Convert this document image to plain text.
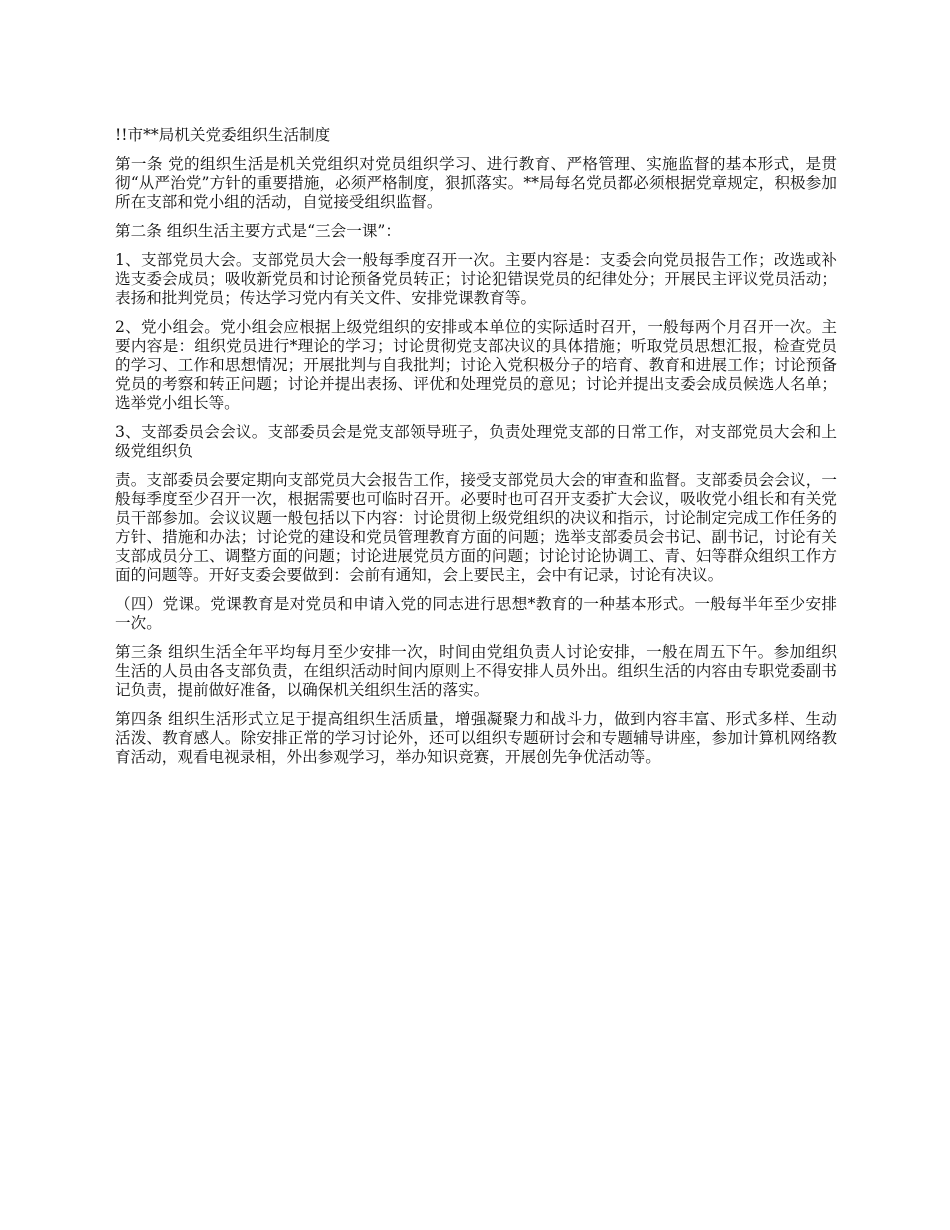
!!市**局机关党委组织生活制度

第一条 党的组织生活是机关党组织对党员组织学习、进行教育、严格管理、实施监督的基本形式，是贯彻“从严治党”方针的重要措施，必须严格制度，狠抓落实。**局每名党员都必须根据党章规定，积极参加所在支部和党小组的活动，自觉接受组织监督。

第二条 组织生活主要方式是“三会一课”：

1、支部党员大会。支部党员大会一般每季度召开一次。主要内容是：支委会向党员报告工作；改选或补选支委会成员；吸收新党员和讨论预备党员转正；讨论犯错误党员的纪律处分；开展民主评议党员活动；表扬和批判党员；传达学习党内有关文件、安排党课教育等。

2、党小组会。党小组会应根据上级党组织的安排或本单位的实际适时召开，一般每两个月召开一次。主要内容是：组织党员进行*理论的学习；讨论贯彻党支部决议的具体措施；听取党员思想汇报，检查党员的学习、工作和思想情况；开展批判与自我批判；讨论入党积极分子的培育、教育和进展工作；讨论预备党员的考察和转正问题；讨论并提出表扬、评优和处理党员的意见；讨论并提出支委会成员候选人名单；选举党小组长等。

3、支部委员会会议。支部委员会是党支部领导班子，负责处理党支部的日常工作，对支部党员大会和上级党组织负

责。支部委员会要定期向支部党员大会报告工作，接受支部党员大会的审查和监督。支部委员会会议，一般每季度至少召开一次，根据需要也可临时召开。必要时也可召开支委扩大会议，吸收党小组长和有关党员干部参加。会议议题一般包括以下内容：讨论贯彻上级党组织的决议和指示，讨论制定完成工作任务的方针、措施和办法；讨论党的建设和党员管理教育方面的问题；选举支部委员会书记、副书记，讨论有关支部成员分工、调整方面的问题；讨论进展党员方面的问题；讨论讨论协调工、青、妇等群众组织工作方面的问题等。开好支委会要做到：会前有通知，会上要民主，会中有记录，讨论有决议。

（四）党课。党课教育是对党员和申请入党的同志进行思想*教育的一种基本形式。一般每半年至少安排一次。

第三条 组织生活全年平均每月至少安排一次，时间由党组负责人讨论安排，一般在周五下午。参加组织生活的人员由各支部负责，在组织活动时间内原则上不得安排人员外出。组织生活的内容由专职党委副书记负责，提前做好准备，以确保机关组织生活的落实。

第四条 组织生活形式立足于提高组织生活质量，增强凝聚力和战斗力，做到内容丰富、形式多样、生动活泼、教育感人。除安排正常的学习讨论外，还可以组织专题研讨会和专题辅导讲座，参加计算机网络教育活动，观看电视录相，外出参观学习，举办知识竞赛，开展创先争优活动等。
